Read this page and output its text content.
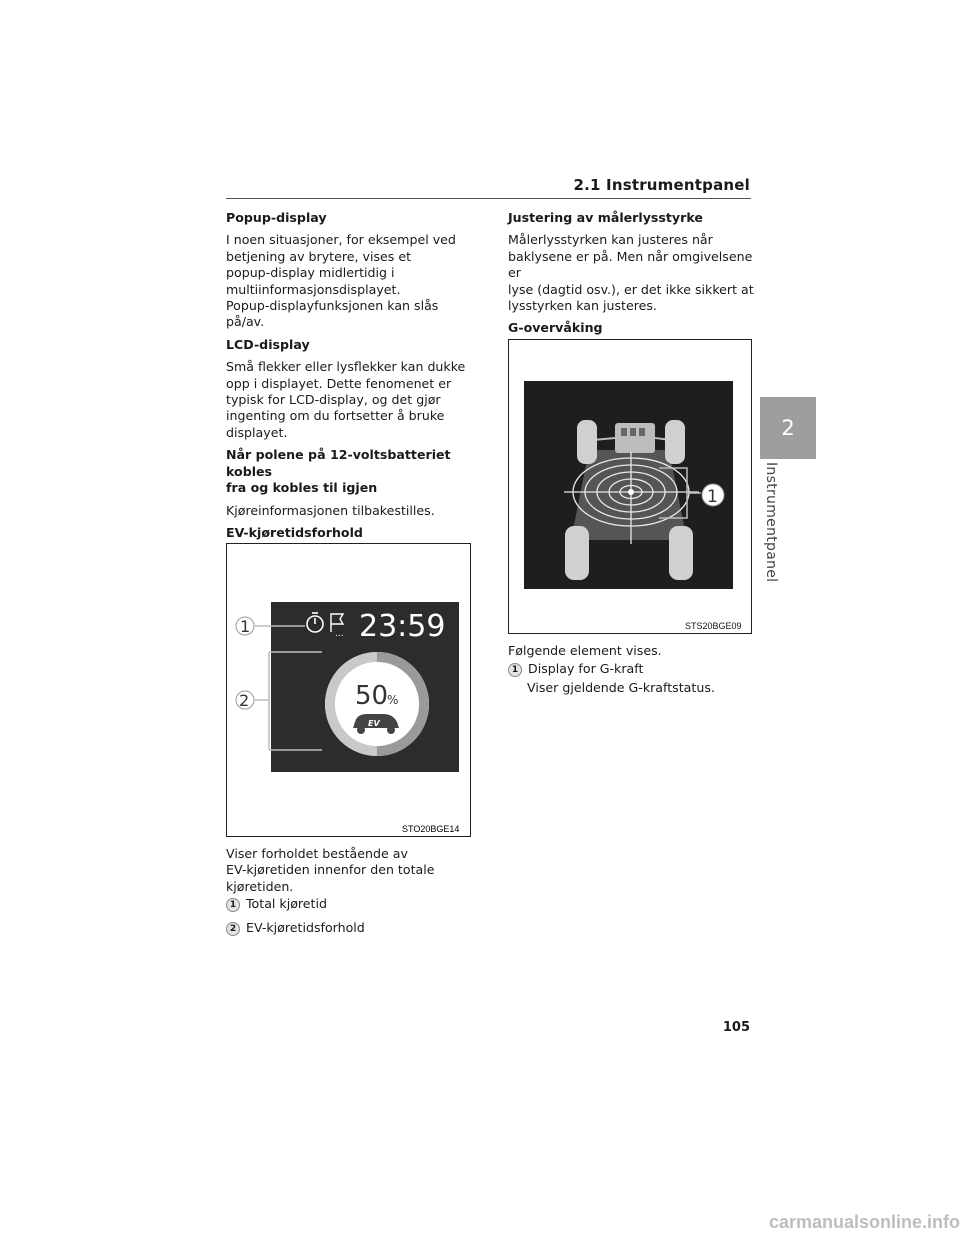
2.1 Instrumentpanel
2
Instrumentpanel

Popup-display

I noen situasjoner, for eksempel ved
betjening av brytere, vises et
popup-display midlertidig i
multiinformasjonsdisplayet.
Popup-displayfunksjonen kan slås
på/av.

LCD-display

Små flekker eller lysflekker kan dukke
opp i displayet. Dette fenomenet er
typisk for LCD-display, og det gjør
ingenting om du fortsetter å bruke
displayet.
Når polene på 12-voltsbatteriet kobles
fra og kobles til igjen

Kjøreinformasjonen tilbakestilles.

EV-kjøretidsforhold

... 23:59
50
%
EV
1
2
STO20BGE14
Viser forholdet bestående av
EV-kjøretiden innenfor den totale
kjøretiden.
1 Total kjøretid
2 EV-kjøretidsforhold

Justering av målerlysstyrke

Målerlysstyrken kan justeres når
baklysene er på. Men når omgivelsene er
lyse (dagtid osv.), er det ikke sikkert at
lysstyrken kan justeres.

G-overvåking

1
STS20BGE09
Følgende element vises.
1 Display for G-kraft
Viser gjeldende G-kraftstatus.
105
carmanualsonline.info
